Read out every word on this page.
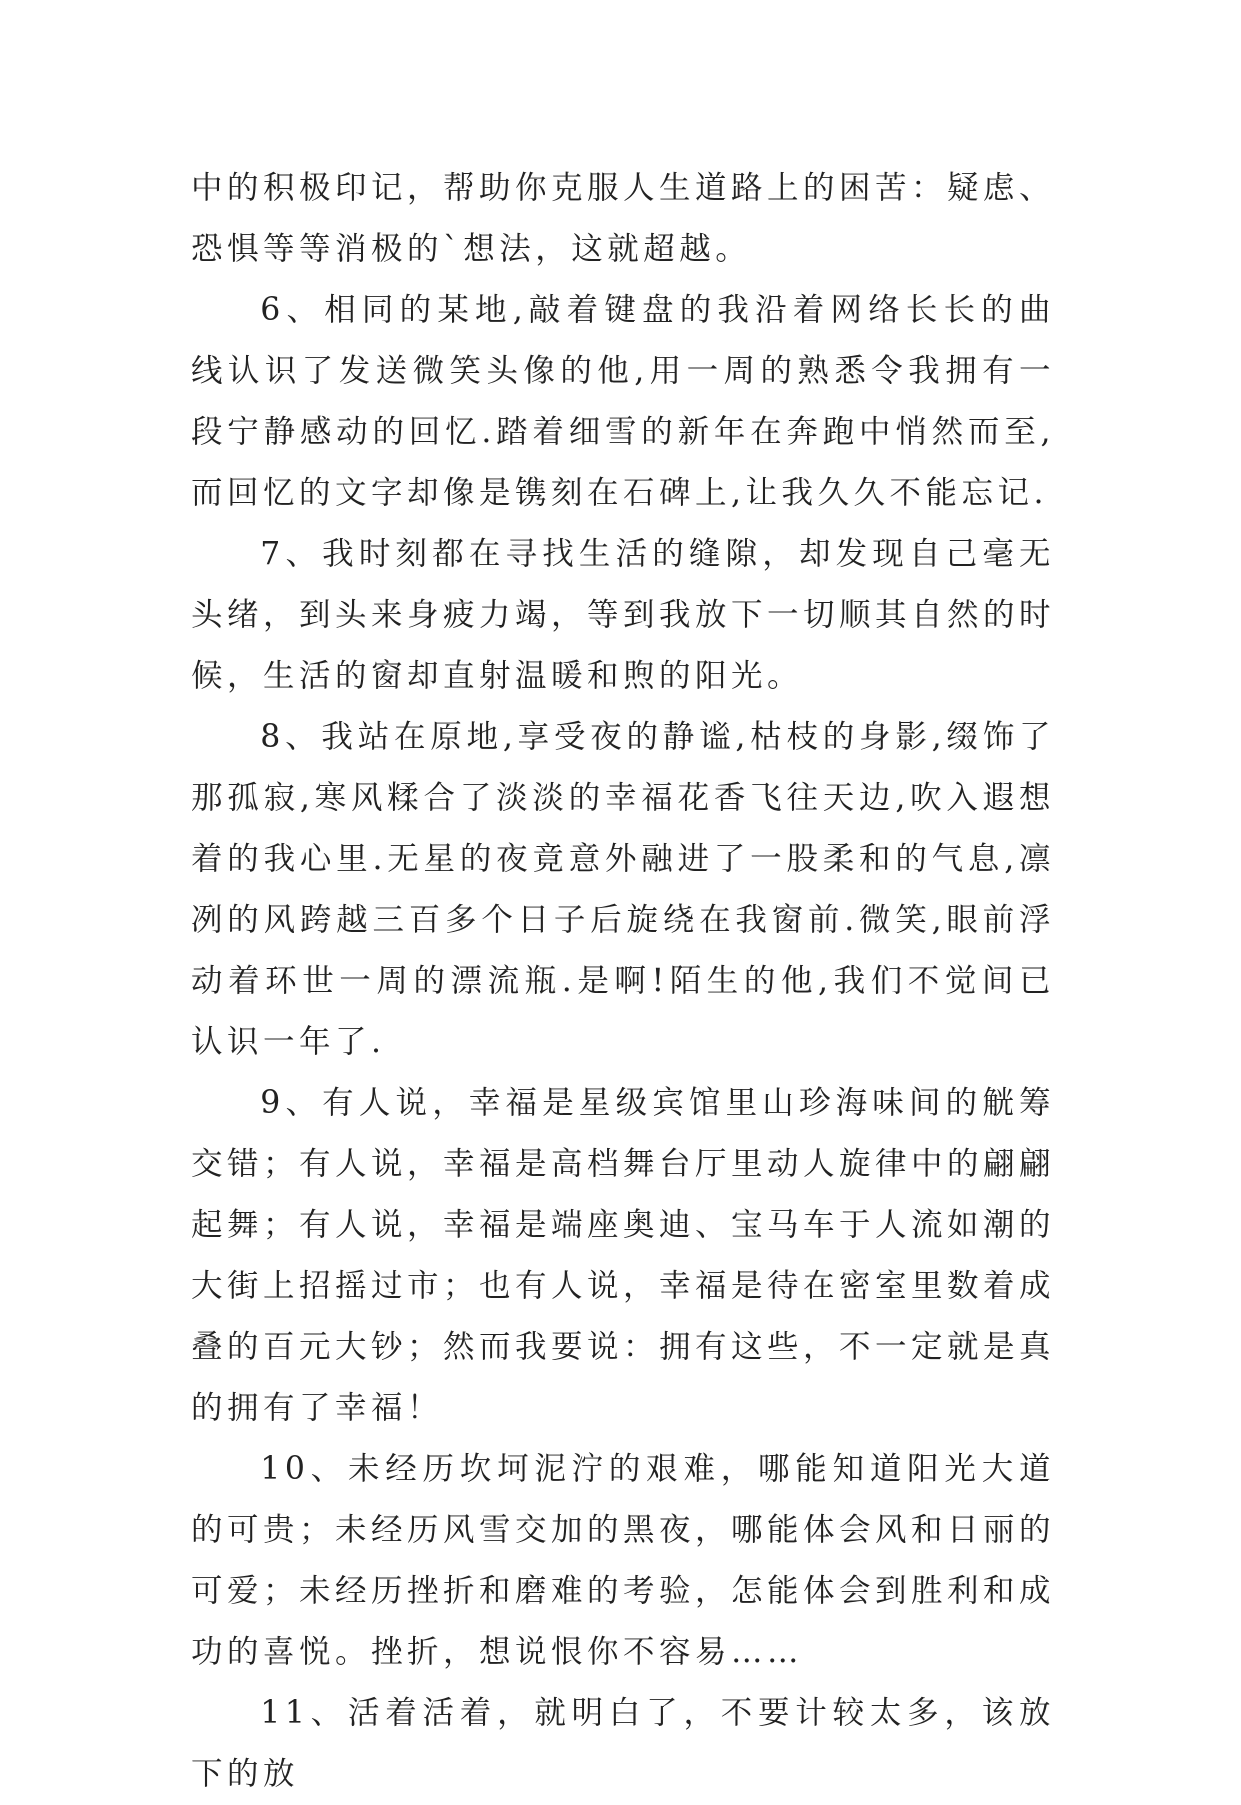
中的积极印记，帮助你克服人生道路上的困苦：疑虑、恐惧等等消极的`想法，这就超越。

6、相同的某地,敲着键盘的我沿着网络长长的曲线认识了发送微笑头像的他,用一周的熟悉令我拥有一段宁静感动的回忆.踏着细雪的新年在奔跑中悄然而至,而回忆的文字却像是镌刻在石碑上,让我久久不能忘记.

7、我时刻都在寻找生活的缝隙，却发现自己毫无头绪，到头来身疲力竭，等到我放下一切顺其自然的时候，生活的窗却直射温暖和煦的阳光。

8、我站在原地,享受夜的静谧,枯枝的身影,缀饰了那孤寂,寒风糅合了淡淡的幸福花香飞往天边,吹入遐想着的我心里.无星的夜竟意外融进了一股柔和的气息,凛冽的风跨越三百多个日子后旋绕在我窗前.微笑,眼前浮动着环世一周的漂流瓶.是啊!陌生的他,我们不觉间已认识一年了.

9、有人说，幸福是星级宾馆里山珍海味间的觥筹交错；有人说，幸福是高档舞台厅里动人旋律中的翩翩起舞；有人说，幸福是端座奥迪、宝马车于人流如潮的大街上招摇过市；也有人说，幸福是待在密室里数着成叠的百元大钞；然而我要说：拥有这些，不一定就是真的拥有了幸福！

10、未经历坎坷泥泞的艰难，哪能知道阳光大道的可贵；未经历风雪交加的黑夜，哪能体会风和日丽的可爱；未经历挫折和磨难的考验，怎能体会到胜利和成功的喜悦。挫折，想说恨你不容易……

11、活着活着，就明白了，不要计较太多，该放下的放
